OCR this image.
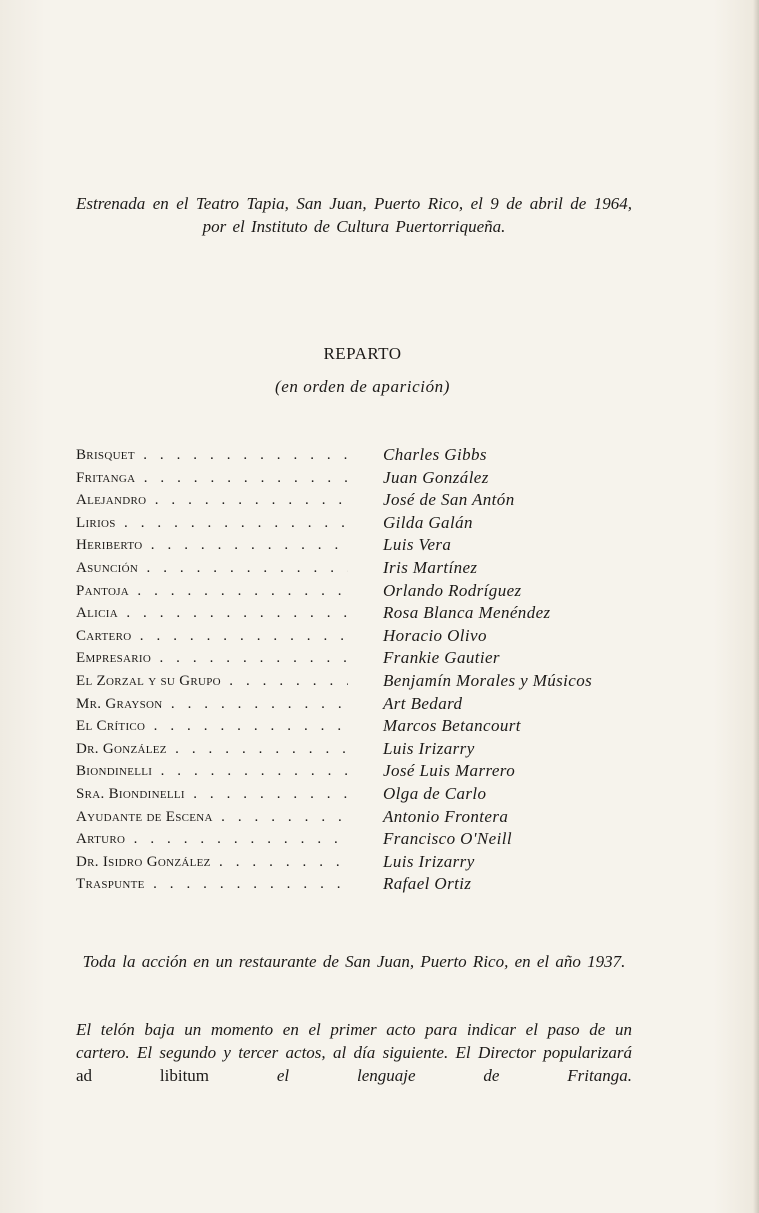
Estrenada en el Teatro Tapia, San Juan, Puerto Rico, el 9 de abril de 1964, por el Instituto de Cultura Puertorriqueña.

REPARTO
(en orden de aparición)
Brisquet . . .	Charles Gibbs
Fritanga . . .	Juan González
Alejandro . . .	José de San Antón
Lirios . . .	Gilda Galán
Heriberto . . .	Luis Vera
Asunción . . .	Iris Martínez
Pantoja . . .	Orlando Rodríguez
Alicia . . .	Rosa Blanca Menéndez
Cartero . . .	Horacio Olivo
Empresario . . .	Frankie Gautier
El Zorzal y su Grupo . . .	Benjamín Morales y Músicos
Mr. Grayson . . .	Art Bedard
El Crítico . . .	Marcos Betancourt
Dr. González . . .	Luis Irizarry
Biondinelli . . .	José Luis Marrero
Sra. Biondinelli . . .	Olga de Carlo
Ayudante de Escena . . .	Antonio Frontera
Arturo . . .	Francisco O'Neill
Dr. Isidro González . . .	Luis Irizarry
Traspunte . . .	Rafael Ortiz

Toda la acción en un restaurante de San Juan, Puerto Rico, en el año 1937.

El telón baja un momento en el primer acto para indicar el paso de un cartero. El segundo y tercer actos, al día siguiente. El Director popularizará ad libitum	el lenguaje de Fritanga.
